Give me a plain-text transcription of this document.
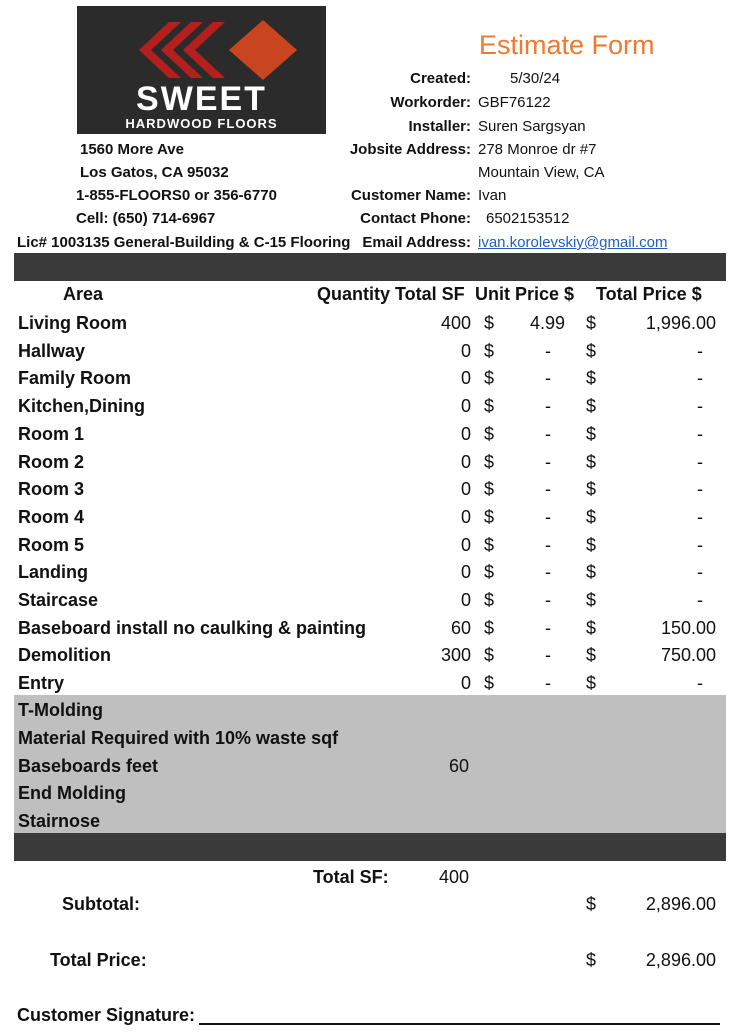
SWEET
HARDWOOD FLOORS
1560 More Ave
Los Gatos, CA 95032
1-855-FLOORS0 or 356-6770
Cell: (650) 714-6967
Lic# 1003135 General-Building & C-15 Flooring
Estimate Form
Created:	5/30/24
Workorder: GBF76122
Installer: Suren Sargsyan
Jobsite Address: 278 Monroe dr #7
Mountain View, CA
Customer Name: Ivan
Contact Phone: 6502153512
Email Address: ivan.korolevskiy@gmail.com
Area	Quantity Total SF Unit Price $ Total Price $
Living Room	400 $ 4.99 $	1,996.00
Hallway	0 $	- $	-
Family Room	0 $	- $	-
Kitchen,Dining	0 $	- $	-
Room 1	0 $	- $	-
Room 2	0 $	- $	-
Room 3	0 $	- $	-
Room 4	0 $	- $	-
Room 5	0 $	- $	-
Landing	0 $	- $	-
Staircase	0 $	- $	-
Baseboard install no caulking & painting	60 $	- $	150.00
Demolition	300 $	- $	750.00
Entry	0 $	- $	-
T-Molding
Material Required with 10% waste sqf
Baseboards feet	60
End Molding
Stairnose
Total SF:	400
Subtotal:	$	2,896.00
Total Price:	$	2,896.00
Customer Signature:
